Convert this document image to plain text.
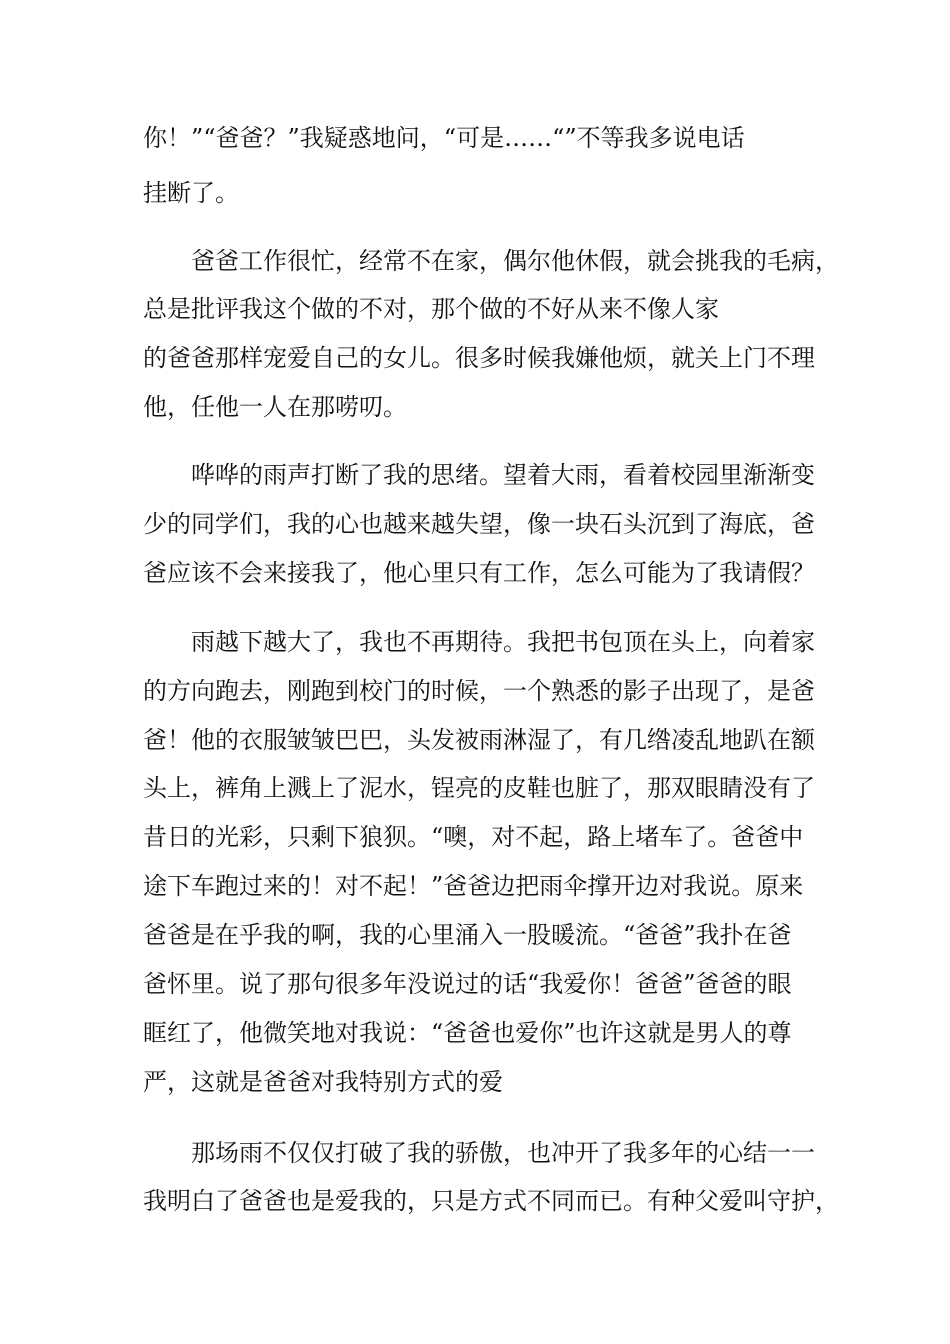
你！”“爸爸？”我疑惑地问，“可是……“”不等我多说电话

挂断了。

爸爸工作很忙，经常不在家，偶尔他休假，就会挑我的毛病，

总是批评我这个做的不对，那个做的不好从来不像人家

的爸爸那样宠爱自己的女儿。很多时候我嫌他烦，就关上门不理

他，任他一人在那唠叨。

哗哗的雨声打断了我的思绪。望着大雨，看着校园里渐渐变

少的同学们，我的心也越来越失望，像一块石头沉到了海底，爸

爸应该不会来接我了，他心里只有工作，怎么可能为了我请假？

雨越下越大了，我也不再期待。我把书包顶在头上，向着家

的方向跑去，刚跑到校门的时候，一个熟悉的影子出现了，是爸

爸！他的衣服皱皱巴巴，头发被雨淋湿了，有几绺凌乱地趴在额

头上，裤角上溅上了泥水，锃亮的皮鞋也脏了，那双眼睛没有了

昔日的光彩，只剩下狼狈。“噢，对不起，路上堵车了。爸爸中

途下车跑过来的！对不起！”爸爸边把雨伞撑开边对我说。原来

爸爸是在乎我的啊，我的心里涌入一股暖流。“爸爸”我扑在爸

爸怀里。说了那句很多年没说过的话“我爱你！爸爸”爸爸的眼

眶红了，他微笑地对我说：“爸爸也爱你”也许这就是男人的尊

严，这就是爸爸对我特别方式的爱

那场雨不仅仅打破了我的骄傲，也冲开了我多年的心结一一

我明白了爸爸也是爱我的，只是方式不同而已。有种父爱叫守护，
